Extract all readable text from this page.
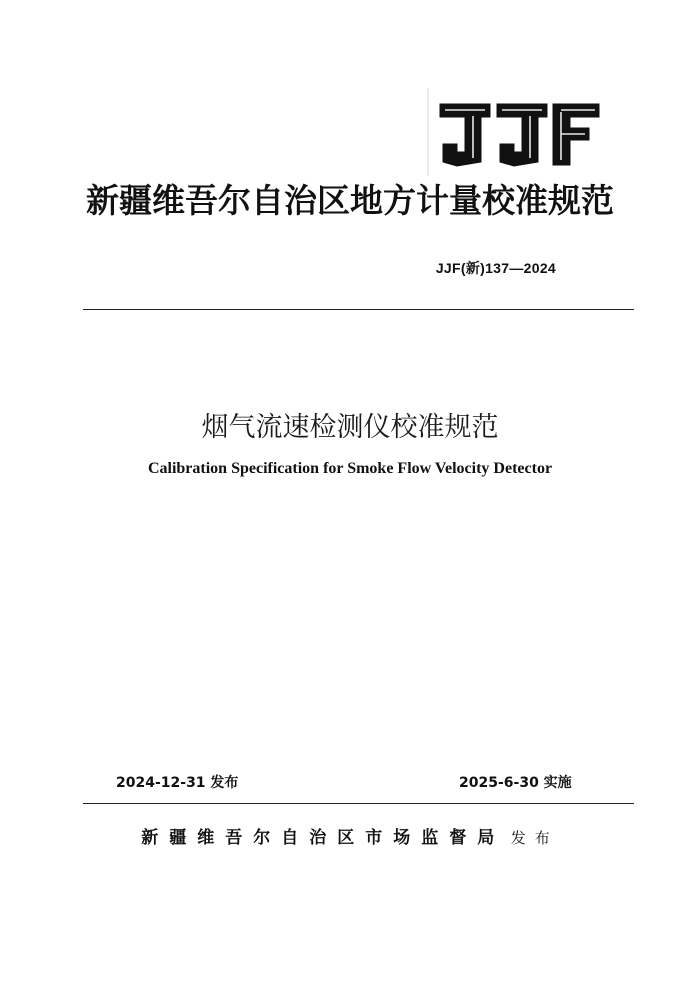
新疆维吾尔自治区地方计量校准规范
JJF(新)137—2024
烟气流速检测仪校准规范
Calibration Specification for Smoke Flow Velocity Detector
2024-12-31 发布	2025-6-30 实施
新疆维吾尔自治区市场监督局 发布
